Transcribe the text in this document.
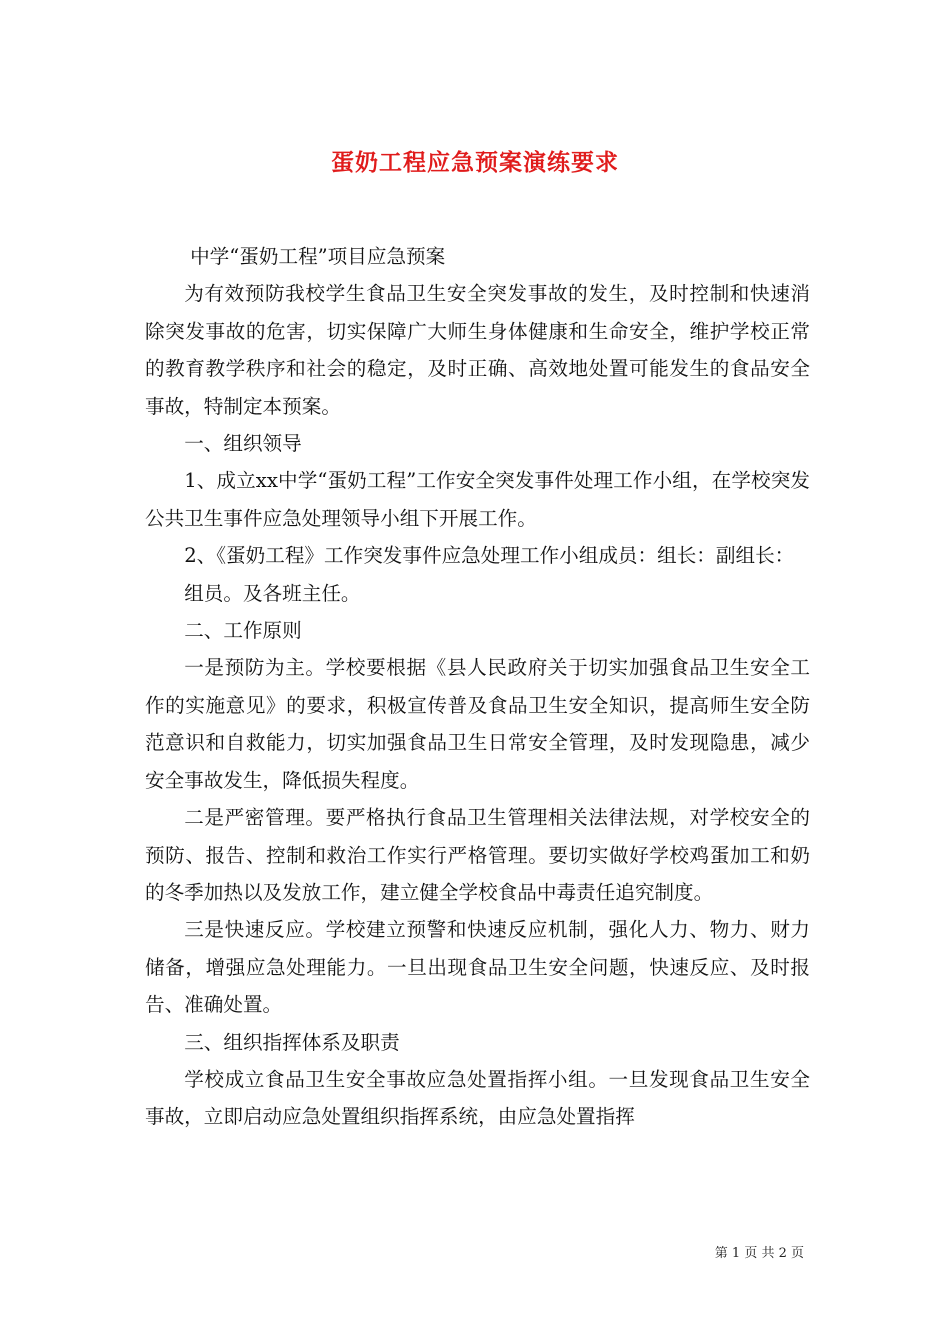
蛋奶工程应急预案演练要求

中学“蛋奶工程”项目应急预案

为有效预防我校学生食品卫生安全突发事故的发生，及时控制和快速消除突发事故的危害，切实保障广大师生身体健康和生命安全，维护学校正常的教育教学秩序和社会的稳定，及时正确、高效地处置可能发生的食品安全事故，特制定本预案。

一、组织领导

1、成立xx中学“蛋奶工程”工作安全突发事件处理工作小组，在学校突发公共卫生事件应急处理领导小组下开展工作。

2、《蛋奶工程》工作突发事件应急处理工作小组成员：组长：副组长：

组员。及各班主任。

二、工作原则

一是预防为主。学校要根据《县人民政府关于切实加强食品卫生安全工作的实施意见》的要求，积极宣传普及食品卫生安全知识，提高师生安全防范意识和自救能力，切实加强食品卫生日常安全管理，及时发现隐患，减少安全事故发生，降低损失程度。

二是严密管理。要严格执行食品卫生管理相关法律法规，对学校安全的预防、报告、控制和救治工作实行严格管理。要切实做好学校鸡蛋加工和奶的冬季加热以及发放工作，建立健全学校食品中毒责任追究制度。

三是快速反应。学校建立预警和快速反应机制，强化人力、物力、财力储备，增强应急处理能力。一旦出现食品卫生安全问题，快速反应、及时报告、准确处置。

三、组织指挥体系及职责

学校成立食品卫生安全事故应急处置指挥小组。一旦发现食品卫生安全事故，立即启动应急处置组织指挥系统，由应急处置指挥

第 1 页 共 2 页
